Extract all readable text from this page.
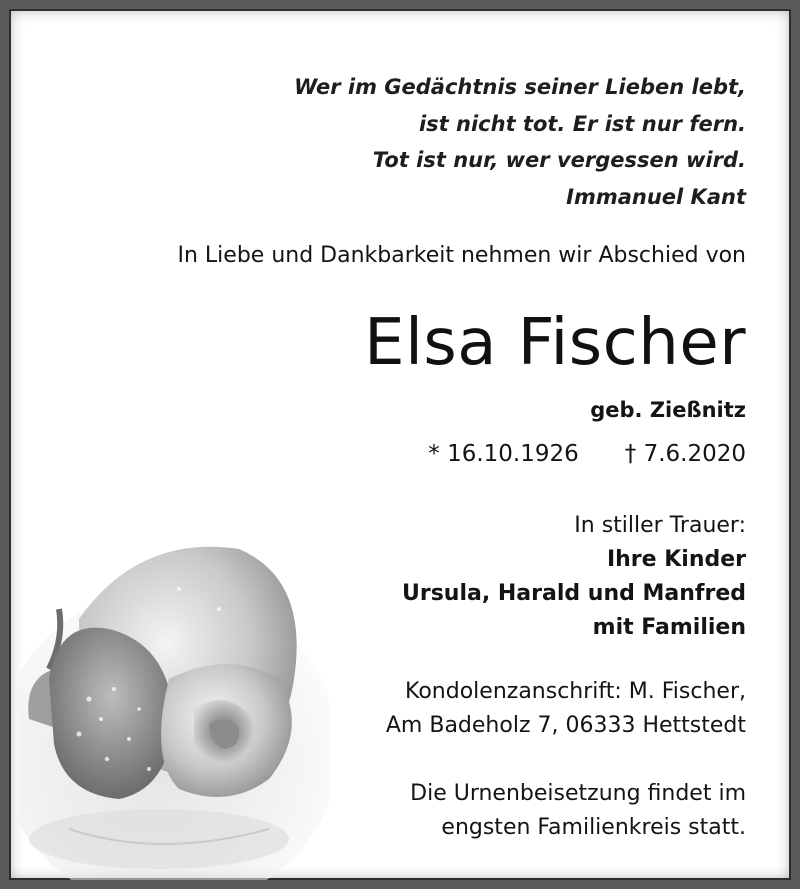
Wer im Gedächtnis seiner Lieben lebt,
ist nicht tot. Er ist nur fern.
Tot ist nur, wer vergessen wird.
Immanuel Kant

In Liebe und Dankbarkeit nehmen wir Abschied von

Elsa Fischer

geb. Zießnitz

* 16.10.1926 † 7.6.2020

In stiller Trauer:
Ihre Kinder
Ursula, Harald und Manfred
mit Familien

Kondolenzanschrift: M. Fischer,
Am Badeholz 7, 06333 Hettstedt

Die Urnenbeisetzung findet im
engsten Familienkreis statt.
